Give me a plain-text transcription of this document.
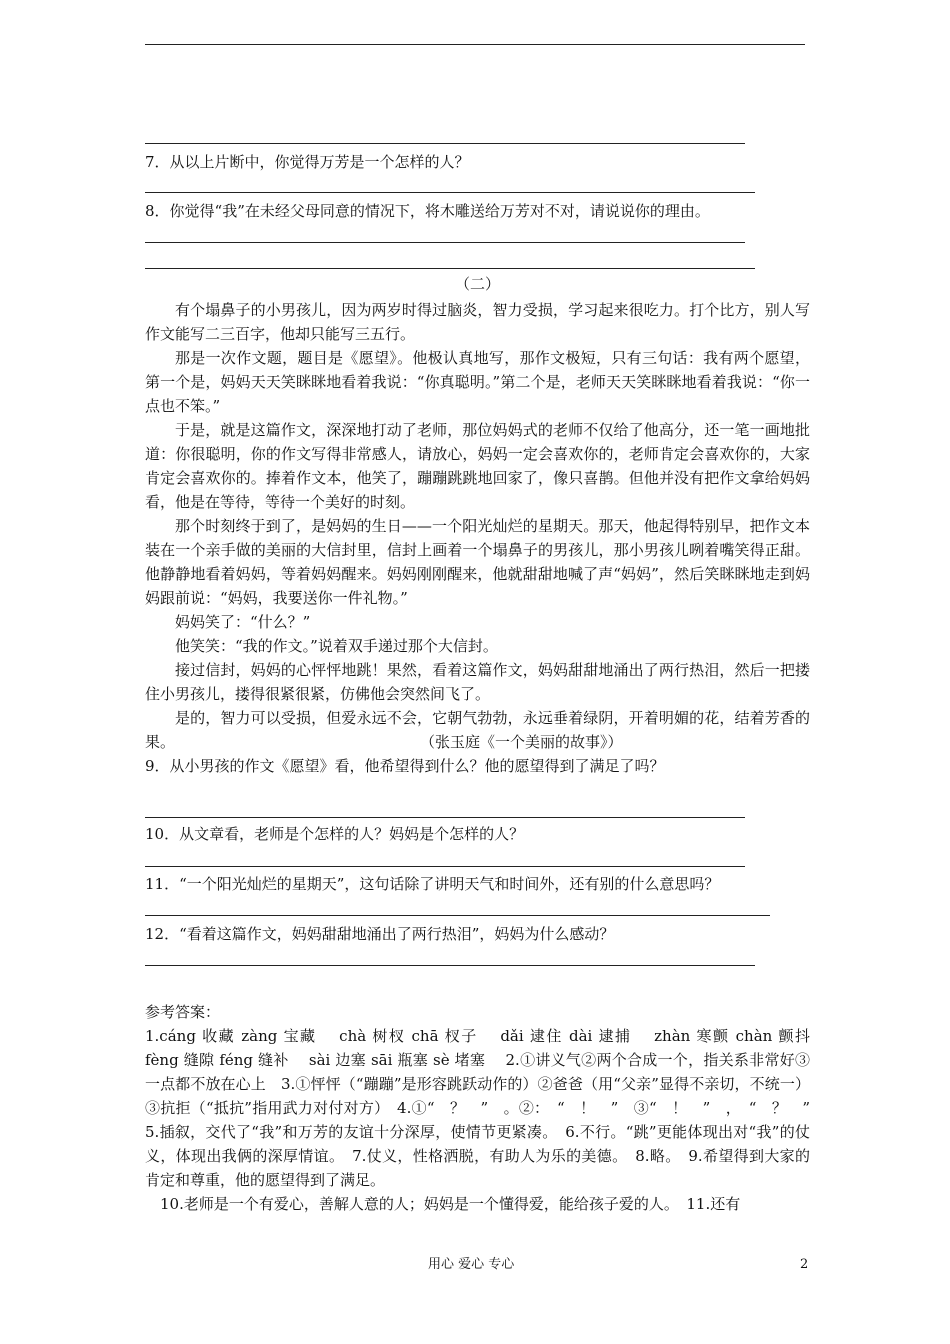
7．从以上片断中，你觉得万芳是一个怎样的人？
8．你觉得“我”在未经父母同意的情况下，将木雕送给万芳对不对，请说说你的理由。
（二）
有个塌鼻子的小男孩儿，因为两岁时得过脑炎，智力受损，学习起来很吃力。打个比方，别人写作文能写二三百字，他却只能写三五行。
那是一次作文题，题目是《愿望》。他极认真地写，那作文极短，只有三句话：我有两个愿望，第一个是，妈妈天天笑眯眯地看着我说：“你真聪明。”第二个是，老师天天笑眯眯地看着我说：“你一点也不笨。”
于是，就是这篇作文，深深地打动了老师，那位妈妈式的老师不仅给了他高分，还一笔一画地批道：你很聪明，你的作文写得非常感人，请放心，妈妈一定会喜欢你的，老师肯定会喜欢你的，大家肯定会喜欢你的。捧着作文本，他笑了，蹦蹦跳跳地回家了，像只喜鹊。但他并没有把作文拿给妈妈看，他是在等待，等待一个美好的时刻。
那个时刻终于到了，是妈妈的生日——一个阳光灿烂的星期天。那天，他起得特别早，把作文本装在一个亲手做的美丽的大信封里，信封上画着一个塌鼻子的男孩儿，那小男孩儿咧着嘴笑得正甜。他静静地看着妈妈，等着妈妈醒来。妈妈刚刚醒来，他就甜甜地喊了声“妈妈”，然后笑眯眯地走到妈妈跟前说：“妈妈，我要送你一件礼物。”
妈妈笑了：“什么？”
他笑笑：“我的作文。”说着双手递过那个大信封。
接过信封，妈妈的心怦怦地跳！果然，看着这篇作文，妈妈甜甜地涌出了两行热泪，然后一把搂住小男孩儿，搂得很紧很紧，仿佛他会突然间飞了。
是的，智力可以受损，但爱永远不会，它朝气勃勃，永远垂着绿阴，开着明媚的花，结着芳香的果。	（张玉庭《一个美丽的故事》）
9．从小男孩的作文《愿望》看，他希望得到什么？他的愿望得到了满足了吗？
10．从文章看，老师是个怎样的人？妈妈是个怎样的人？
11．“一个阳光灿烂的星期天”，这句话除了讲明天气和时间外，还有别的什么意思吗？
12．“看着这篇作文，妈妈甜甜地涌出了两行热泪”，妈妈为什么感动？
参考答案：
1.cáng 收藏 zàng 宝藏　 chà 树杈 chā 杈子　 dǎi 逮住 dài 逮捕　 zhàn 寒颤 chàn 颤抖　 fèng 缝隙 féng 缝补　 sài 边塞 sāi 瓶塞 sè 堵塞　 2.①讲义气②两个合成一个，指关系非常好③一点都不放在心上　3.①怦怦（“蹦蹦”是形容跳跃动作的）②爸爸（用“父亲”显得不亲切，不统一）③抗拒（“抵抗”指用武力对付对方）　4.①“　？　”　。②：　“　！　”　③“　！　”　，　“　？　”　5.插叙，交代了“我”和万芳的友谊十分深厚，使情节更紧凑。　6.不行。“跳”更能体现出对“我”的仗义，体现出我俩的深厚情谊。　7.仗义，性格洒脱，有助人为乐的美德。　8.略。　9.希望得到大家的肯定和尊重，他的愿望得到了满足。
10.老师是一个有爱心，善解人意的人；妈妈是一个懂得爱，能给孩子爱的人。　11.还有
用心 爱心 专心	2
